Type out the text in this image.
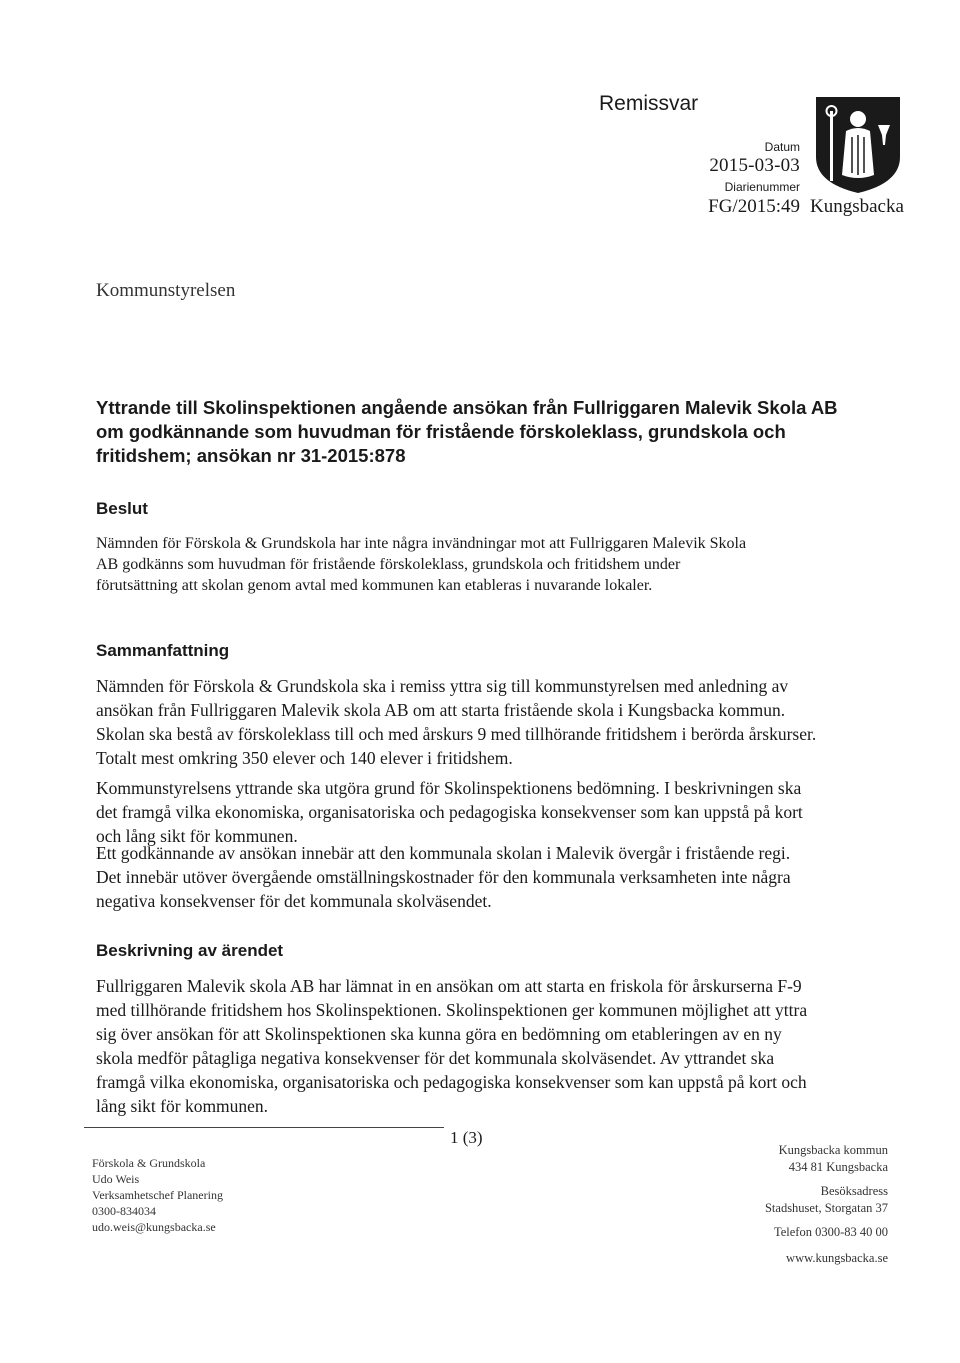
Remissvar
Datum
2015-03-03
Diarienummer
FG/2015:49 Kungsbacka
Kommunstyrelsen
Yttrande till Skolinspektionen angående ansökan från Fullriggaren Malevik Skola AB
om godkännande som huvudman för fristående förskoleklass, grundskola och
fritidshem; ansökan nr 31-2015:878
Beslut
Nämnden för Förskola & Grundskola har inte några invändningar mot att Fullriggaren Malevik Skola
AB godkänns som huvudman för fristående förskoleklass, grundskola och fritidshem under
förutsättning att skolan genom avtal med kommunen kan etableras i nuvarande lokaler.
Sammanfattning
Nämnden för Förskola & Grundskola ska i remiss yttra sig till kommunstyrelsen med anledning av
ansökan från Fullriggaren Malevik skola AB om att starta fristående skola i Kungsbacka kommun.
Skolan ska bestå av förskoleklass till och med årskurs 9 med tillhörande fritidshem i berörda årskurser.
Totalt mest omkring 350 elever och 140 elever i fritidshem.
Kommunstyrelsens yttrande ska utgöra grund för Skolinspektionens bedömning. I beskrivningen ska
det framgå vilka ekonomiska, organisatoriska och pedagogiska konsekvenser som kan uppstå på kort
och lång sikt för kommunen.
Ett godkännande av ansökan innebär att den kommunala skolan i Malevik övergår i fristående regi.
Det innebär utöver övergående omställningskostnader för den kommunala verksamheten inte några
negativa konsekvenser för det kommunala skolväsendet.
Beskrivning av ärendet
Fullriggaren Malevik skola AB har lämnat in en ansökan om att starta en friskola för årskurserna F-9
med tillhörande fritidshem hos Skolinspektionen. Skolinspektionen ger kommunen möjlighet att yttra
sig över ansökan för att Skolinspektionen ska kunna göra en bedömning om etableringen av en ny
skola medför påtagliga negativa konsekvenser för det kommunala skolväsendet. Av yttrandet ska
framgå vilka ekonomiska, organisatoriska och pedagogiska konsekvenser som kan uppstå på kort och
lång sikt för kommunen.
1 (3)
Förskola & Grundskola
Udo Weis
Verksamhetschef Planering
0300-834034
udo.weis@kungsbacka.se
Kungsbacka kommun
434 81 Kungsbacka
Besöksadress
Stadshuset, Storgatan 37
Telefon 0300-83 40 00
www.kungsbacka.se
